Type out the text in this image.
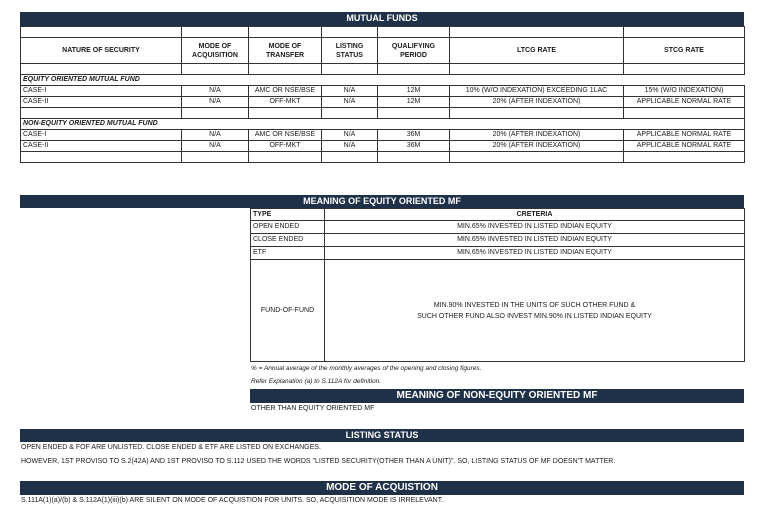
MUTUAL FUNDS

NATURE OF SECURITY	MODE OF ACQUISITION	MODE OF TRANSFER	LISTING STATUS	QUALIFYING PERIOD	LTCG RATE	STCG RATE

EQUITY ORIENTED MUTUAL FUND						
CASE-I	N/A	AMC OR NSE/BSE	N/A	12M	10% (W/O INDEXATION) EXCEEDING 1LAC	15% (W/O INDEXATION)
CASE-II	N/A	OFF-MKT	N/A	12M	20% (AFTER INDEXATION)	APPLICABLE NORMAL RATE

NON-EQUITY ORIENTED MUTUAL FUND						
CASE-I	N/A	AMC OR NSE/BSE	N/A	36M	20% (AFTER INDEXATION)	APPLICABLE NORMAL RATE
CASE-II	N/A	OFF-MKT	N/A	36M	20% (AFTER INDEXATION)	APPLICABLE NORMAL RATE

MEANING OF EQUITY ORIENTED MF
TYPE	CRETERIA
OPEN ENDED	MIN.65% INVESTED IN LISTED INDIAN EQUITY
CLOSE ENDED	MIN.65% INVESTED IN LISTED INDIAN EQUITY
ETF	MIN.65% INVESTED IN LISTED INDIAN EQUITY
FUND-OF-FUND	MIN.90% INVESTED IN THE UNITS OF SUCH OTHER FUND &
SUCH OTHER FUND ALSO INVEST MIN.90% IN LISTED INDIAN EQUITY
% = Annual average of the monthly averages of the opening and closing figures.
Refer Explanation (a) to S.112A for definition.
MEANING OF NON-EQUITY ORIENTED MF
OTHER THAN EQUITY ORIENTED MF
LISTING STATUS
OPEN ENDED & FOF ARE UNLISTED. CLOSE ENDED & ETF ARE LISTED ON EXCHANGES.
HOWEVER, 1ST PROVISO TO S.2(42A) AND 1ST PROVISO TO S.112 USED THE WORDS "LISTED SECURITY(OTHER THAN A UNIT)". SO, LISTING STATUS OF MF DOESN'T MATTER.
MODE OF ACQUISTION
S.111A(1)(a)/(b) & S.112A(1)(iii)(b) ARE SILENT ON MODE OF ACQUISTION FOR UNITS. SO, ACQUISITION MODE IS IRRELEVANT.
